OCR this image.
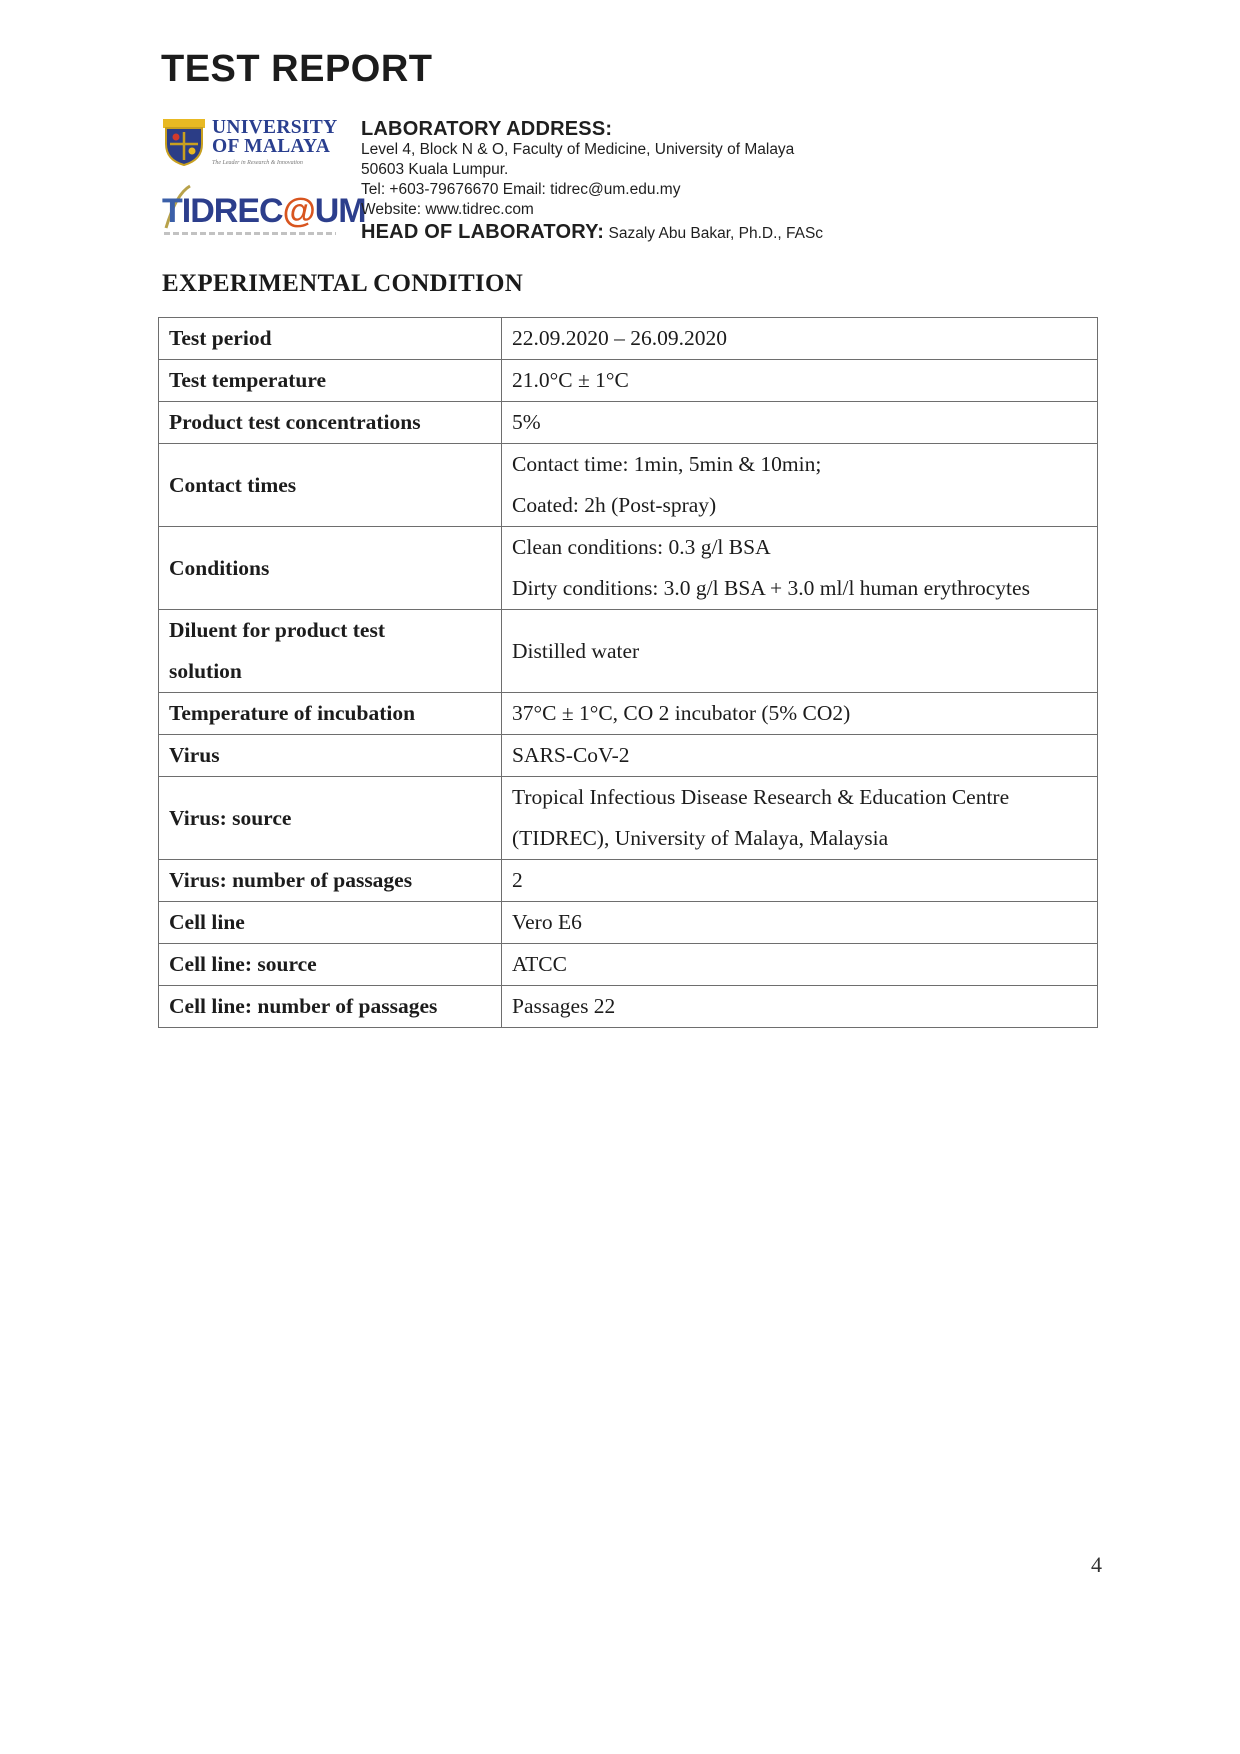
TEST REPORT
UNIVERSITY
OF MALAYA
The Leader in Research & Innovation
TIDREC@UM
LABORATORY ADDRESS:
Level 4, Block N & O, Faculty of Medicine, University of Malaya
50603 Kuala Lumpur.
Tel: +603-79676670 Email: tidrec@um.edu.my
Website: www.tidrec.com
HEAD OF LABORATORY: Sazaly Abu Bakar, Ph.D., FASc
EXPERIMENTAL CONDITION
Test period	22.09.2020 – 26.09.2020
Test temperature	21.0°C ± 1°C
Product test concentrations	5%
Contact times	Contact time: 1min, 5min & 10min;
Coated: 2h (Post-spray)

Conditions	Clean conditions: 0.3 g/l BSA
Dirty conditions: 3.0 g/l BSA + 3.0 ml/l human erythrocytes

Diluent for product test
solution	Distilled water
Temperature of incubation	37°C ± 1°C, CO 2 incubator (5% CO2)
Virus	SARS-CoV-2
Virus: source	Tropical Infectious Disease Research & Education Centre
(TIDREC), University of Malaya, Malaysia

Virus: number of passages	2
Cell line	Vero E6
Cell line: source	ATCC
Cell line: number of passages	Passages 22
4
